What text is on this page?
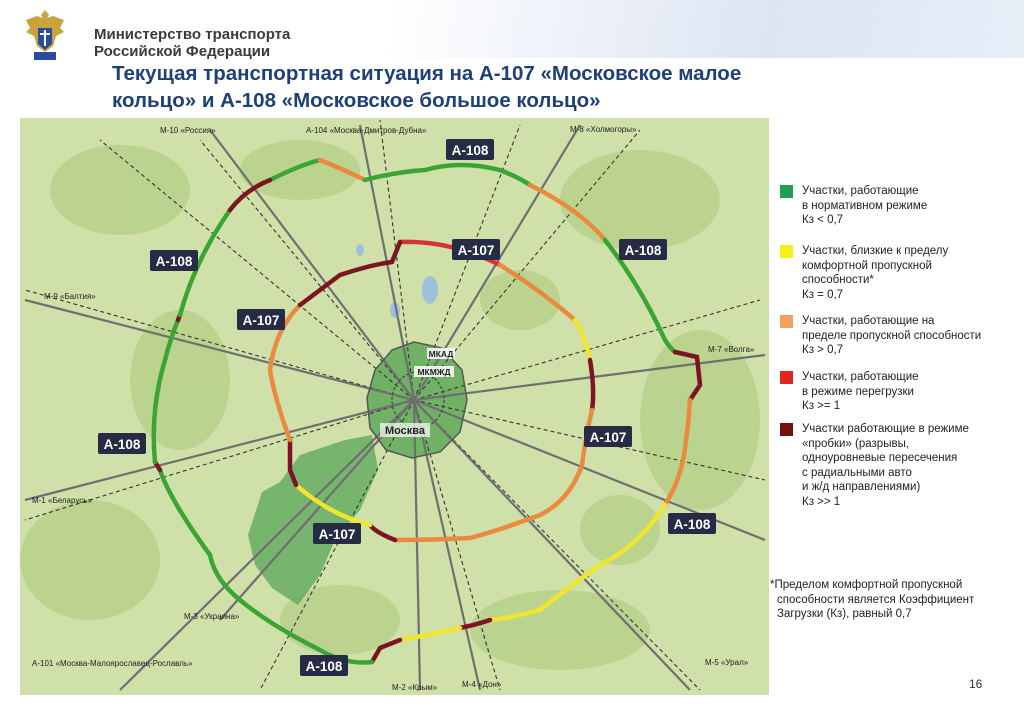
Министерство транспорта
Российской Федерации
Текущая транспортная ситуация на А-107 «Московское малое
кольцо» и А-108 «Московское большое кольцо»
А-108
А-108
А-108
А-108
А-108
А-108
А-107
А-107
А-107
А-107
М-10 «Россия»	А-104 «Москва-Дмитров-Дубна»	М-8 «Холмогоры»
М-9 «Балтия»
М-7 «Волга»
М-1 «Беларусь»
М-3 «Украина»
А-101 «Москва-Малоярославец-Рославль»
М-2 «Крым»	М-4 «Дон»
М-5 «Урал»
МКАД
МКМЖД
Москва
Участки, работающие
в нормативном режиме
Кз < 0,7
Участки, близкие к пределу
комфортной пропускной
способности*
Кз = 0,7
Участки, работающие на
пределе пропускной способности
Кз > 0,7
Участки, работающие
в режиме перегрузки
Кз >= 1
Участки работающие в режиме
«пробки» (разрывы,
одноуровневые пересечения
с радиальными авто
и ж/д направлениями)
Кз >> 1
*Пределом комфортной пропускной
способности является Коэффициент
Загрузки (Кз), равный 0,7
16
